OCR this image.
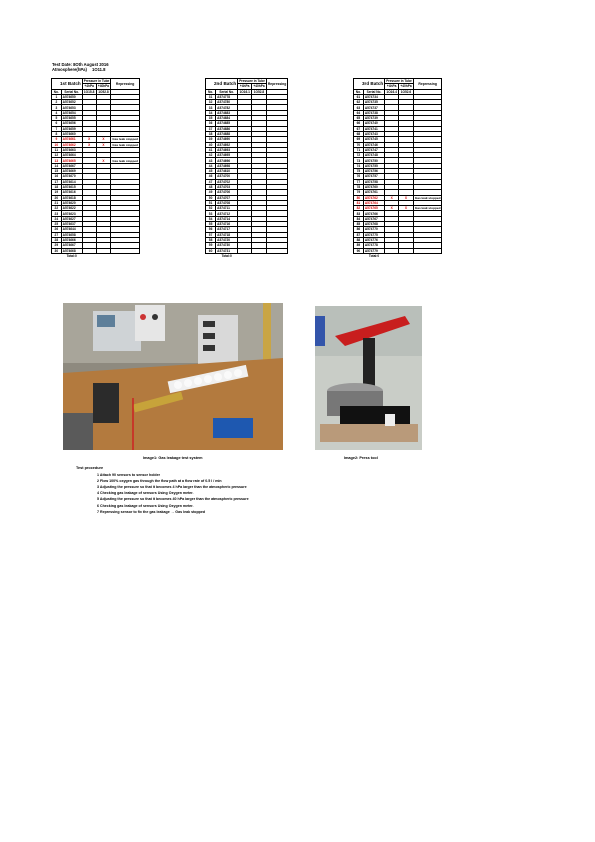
Test Date: 8Oth August 2016
Atmosphere(hPa) 1O11.8
1st Batch		Pressure in Tube		Repressing
		+4hPa	+40hPa	
No.	Serial No.	1O15.8	1O52.8	
1	A574650			
2	A574652			
3	A574653			
4	A574654			
5	A574655			
6	A574656			
7	A574659			
8	A574660			
9	A574661	X	X	Gas leak stopped
10	A574662	X	X	Gas leak stopped
11	A574663			
12	A574664			
13	A574665		X	Gas leak stopped
14	A574667			
15	A574669			
16	A574670			
17	A574614			
18	A574615			
19	A574616			
20	A574618			
21	A574620			
22	A574622			
23	A574623			
24	A574627			
25	A574637			
26	A574644			
27	A574658			
28	A574666			
29	A574667			
30	A574668			
	Total:0			
2nd Batch		Pressure in Tube		Repressing
		+4hPa	+40hPa	
No.	Serial No.	1O16.1	1O52.8	
31	A574778			
32	A574780			
33	A574782			
34	A574683			
35	A574684			
36	A574685			
37	A574686			
38	A574688			
39	A574690			
40	A574692			
41	A574693			
42	A574695			
43	A574696			
44	A574698			
45	A574610			
46	A574700			
47	A574702			
48	A574703			
49	A574706			
50	A574707			
51	A574708			
52	A574711			
53	A574712			
54	A574714			
55	A574716			
56	A574717			
57	A574718			
58	A574720			
59	A574730			
60	A574731			
	Total:0			
3rd Batch		Pressure in Tube		Repressing
		+4hPa	+40hPa	
No.	Serial No.	1O16.4	1O52.6	
61	A574734			
62	A574735			
63	A574737			
64	A574738			
65	A574739			
66	A574740			
67	A574741			
68	A574743			
69	A574745			
70	A574746			
71	A574747			
72	A574748			
73	A574750			
74	A574755			
75	A574756			
76	A574757			
77	A574758			
78	A574760			
79	A574761			
80	A574762	X	X	Gas leak stopped
81	A574764			
82	A574765	X	X	Gas leak stopped
83	A574766			
84	A574767			
85	A574768			
86	A574770			
87	A574775			
88	A574776			
89	A574778			
90	A574779			
	Total:0			
Image1: Gas leakage test system	Image2: Press tool
Test procedure
1 Attach 90 sensors to sensor holder
2 Flow 100% oxygen gas through the flow path at a flow rate of 0.5 l / min
3 Adjusting the pressure so that it becomes 4 hPa larger than the atmospheric pressure
4 Checking gas leakage of sensors Using Oxygen meter.
5 Adjusting the pressure so that it becomes 40 hPa larger than the atmospheric pressure
6 Checking gas leakage of sensors Using Oxygen meter.
7 Repressing sensor to fix the gas leakage → Gas leak stopped
